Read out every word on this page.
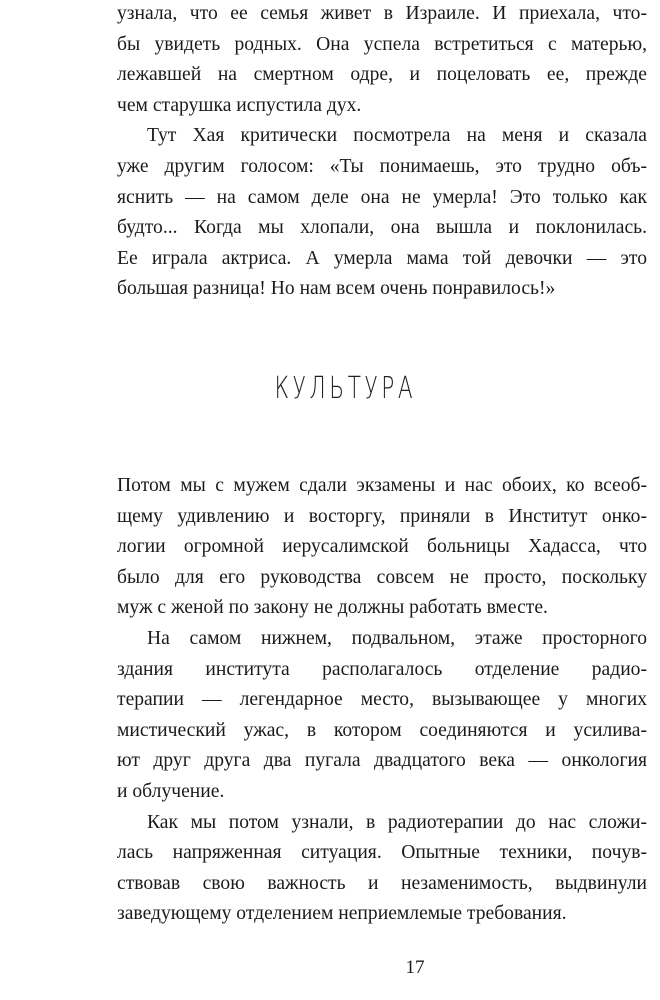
узнала, что ее семья живет в Израиле. И приехала, что-
бы увидеть родных. Она успела встретиться с матерью,
лежавшей на смертном одре, и поцеловать ее, прежде
чем старушка испустила дух.

Тут Хая критически посмотрела на меня и сказала
уже другим голосом: «Ты понимаешь, это трудно объ-
яснить — на самом деле она не умерла! Это только как
будто... Когда мы хлопали, она вышла и поклонилась.
Ее играла актриса. А умерла мама той девочки — это
большая разница! Но нам всем очень понравилось!»

КУЛЬТУРА

Потом мы с мужем сдали экзамены и нас обоих, ко всеоб-
щему удивлению и восторгу, приняли в Институт онко-
логии огромной иерусалимской больницы Хадасса, что
было для его руководства совсем не просто, поскольку
муж с женой по закону не должны работать вместе.

На самом нижнем, подвальном, этаже просторного
здания института располагалось отделение радио-
терапии — легендарное место, вызывающее у многих
мистический ужас, в котором соединяются и усилива-
ют друг друга два пугала двадцатого века — онкология
и облучение.

Как мы потом узнали, в радиотерапии до нас сложи-
лась напряженная ситуация. Опытные техники, почув-
ствовав свою важность и незаменимость, выдвинули
заведующему отделением неприемлемые требования.

17
